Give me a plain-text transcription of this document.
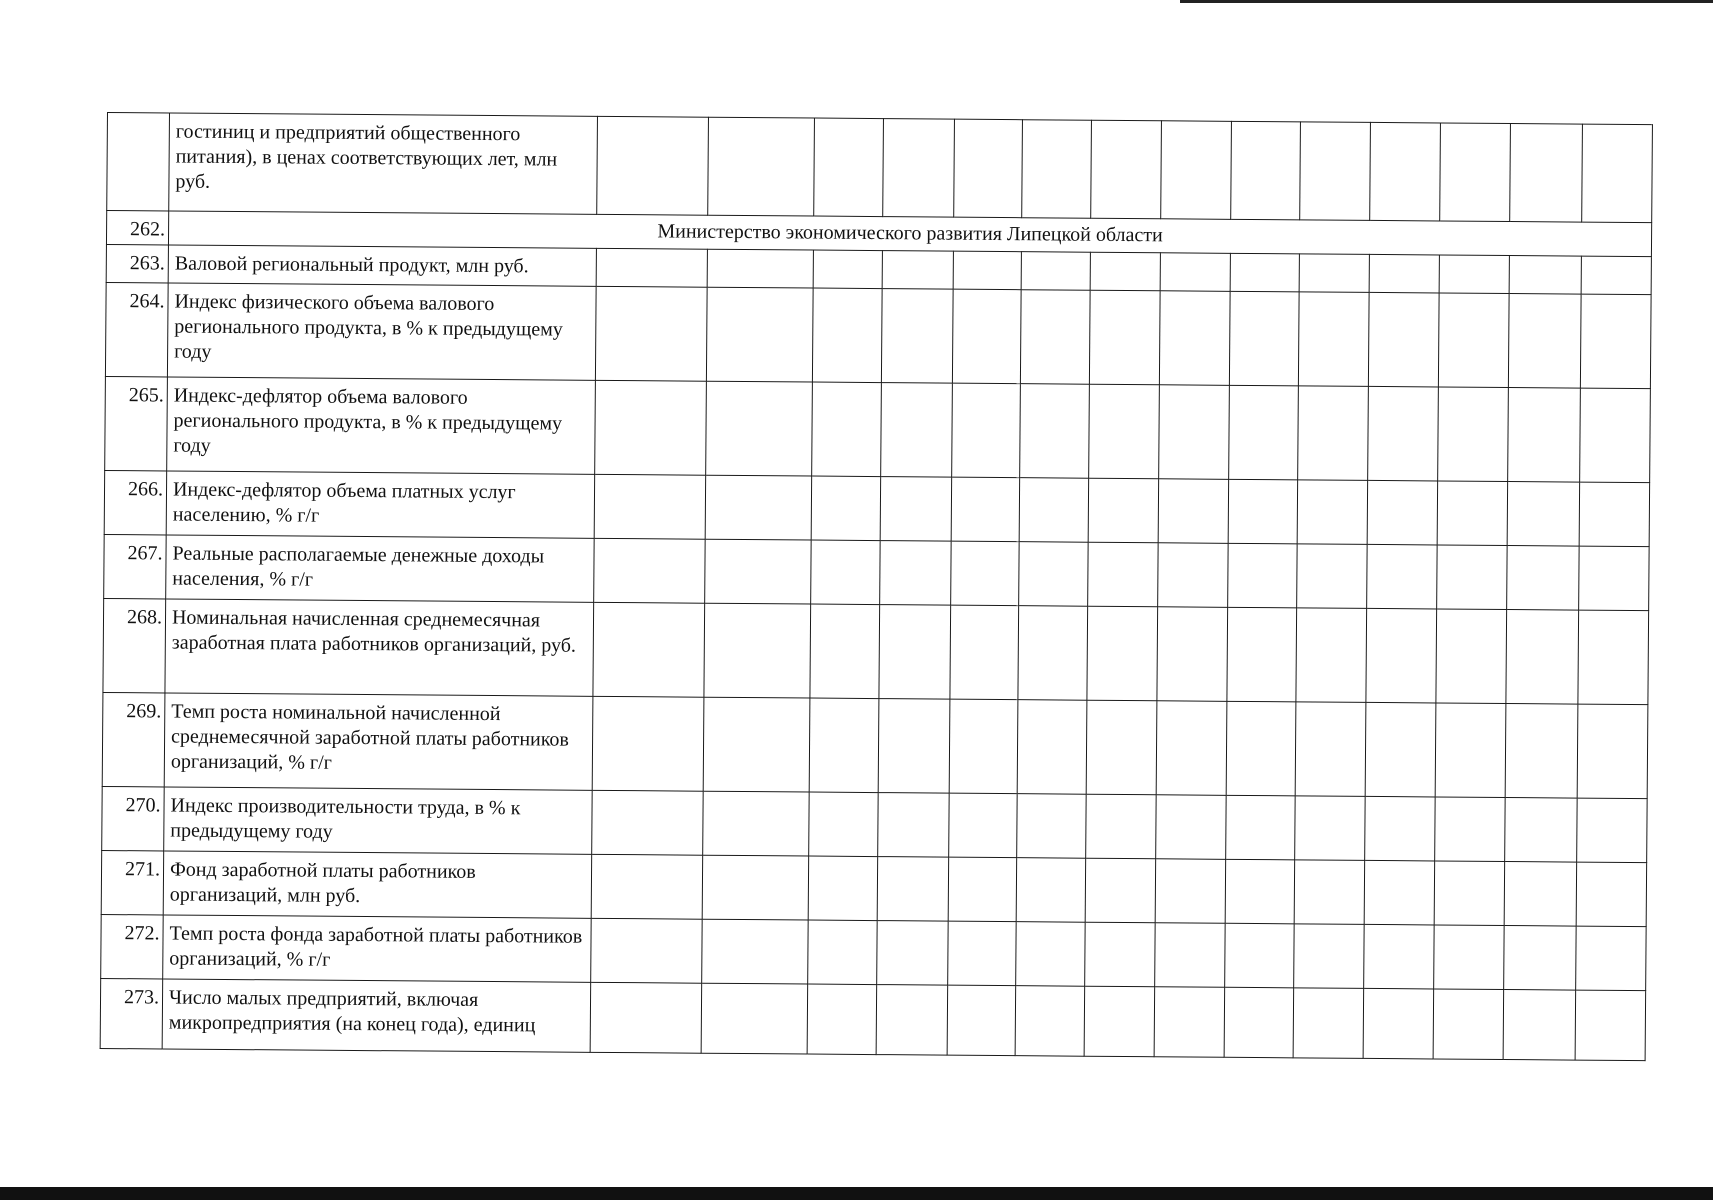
	гостиниц и предприятий общественного питания), в ценах соответствующих лет, млн руб.														
262.	Министерство экономического развития Липецкой области														
263.	Валовой региональный продукт, млн руб.														
264.	Индекс физического объема валового регионального продукта, в % к предыдущему году														
265.	Индекс-дефлятор объема валового регионального продукта, в % к предыдущему году														
266.	Индекс-дефлятор объема платных услуг населению, % г/г														
267.	Реальные располагаемые денежные доходы населения, % г/г														
268.	Номинальная начисленная среднемесячная заработная плата работников организаций, руб.														
269.	Темп роста номинальной начисленной среднемесячной заработной платы работников организаций, % г/г														
270.	Индекс производительности труда, в % к предыдущему году														
271.	Фонд заработной платы работников организаций, млн руб.														
272.	Темп роста фонда заработной платы работников организаций, % г/г														
273.	Число малых предприятий, включая микропредприятия (на конец года), единиц														
